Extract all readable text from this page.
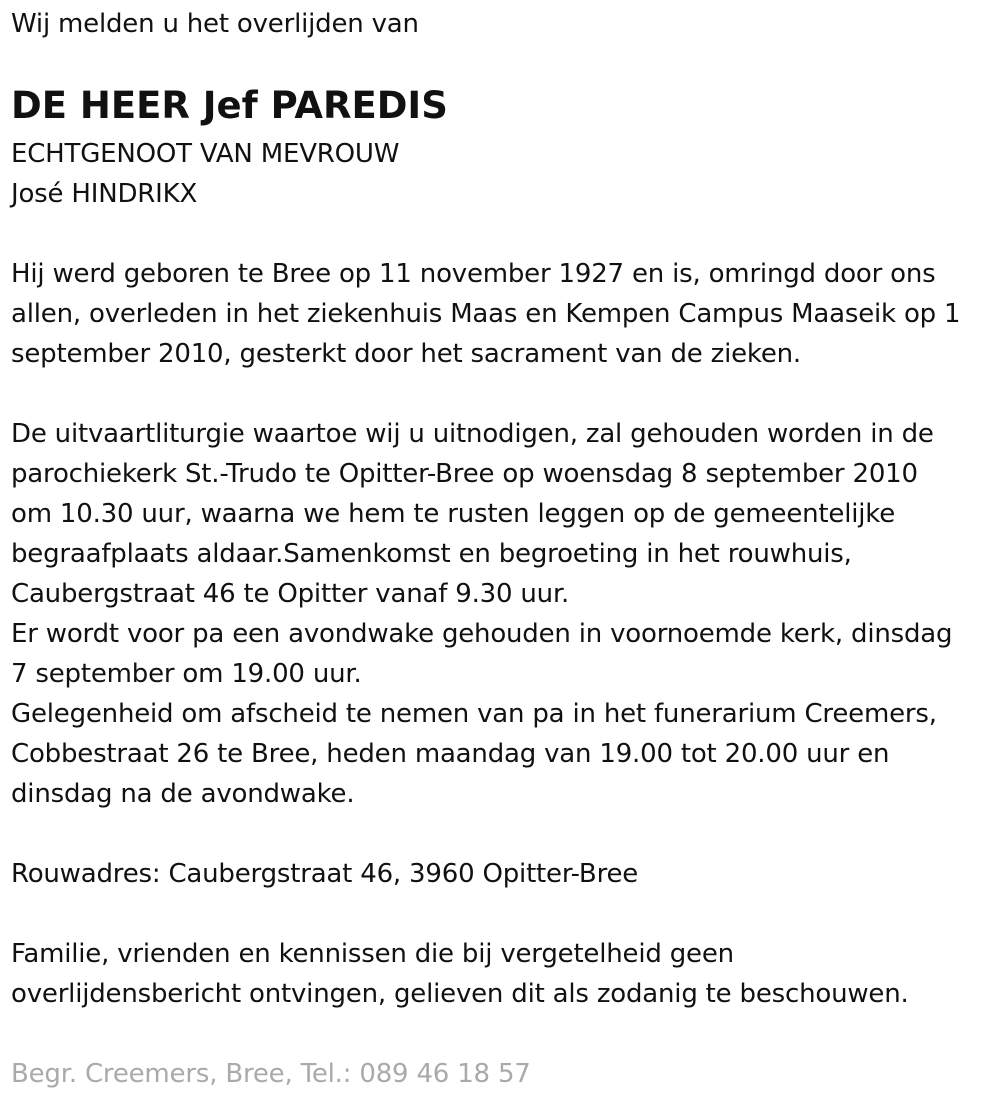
Wij melden u het overlijden van

DE HEER Jef PAREDIS

ECHTGENOOT VAN MEVROUW

José HINDRIKX

Hij werd geboren te Bree op 11 november 1927 en is, omringd door ons

allen, overleden in het ziekenhuis Maas en Kempen Campus Maaseik op 1

september 2010, gesterkt door het sacrament van de zieken.

De uitvaartliturgie waartoe wij u uitnodigen, zal gehouden worden in de

parochiekerk St.-Trudo te Opitter-Bree op woensdag 8 september 2010

om 10.30 uur, waarna we hem te rusten leggen op de gemeentelijke

begraafplaats aldaar.Samenkomst en begroeting in het rouwhuis,

Caubergstraat 46 te Opitter vanaf 9.30 uur.

Er wordt voor pa een avondwake gehouden in voornoemde kerk, dinsdag

7 september om 19.00 uur.

Gelegenheid om afscheid te nemen van pa in het funerarium Creemers,

Cobbestraat 26 te Bree, heden maandag van 19.00 tot 20.00 uur en

dinsdag na de avondwake.

Rouwadres: Caubergstraat 46, 3960 Opitter-Bree

Familie, vrienden en kennissen die bij vergetelheid geen

overlijdensbericht ontvingen, gelieven dit als zodanig te beschouwen.

Begr. Creemers, Bree, Tel.: 089 46 18 57
